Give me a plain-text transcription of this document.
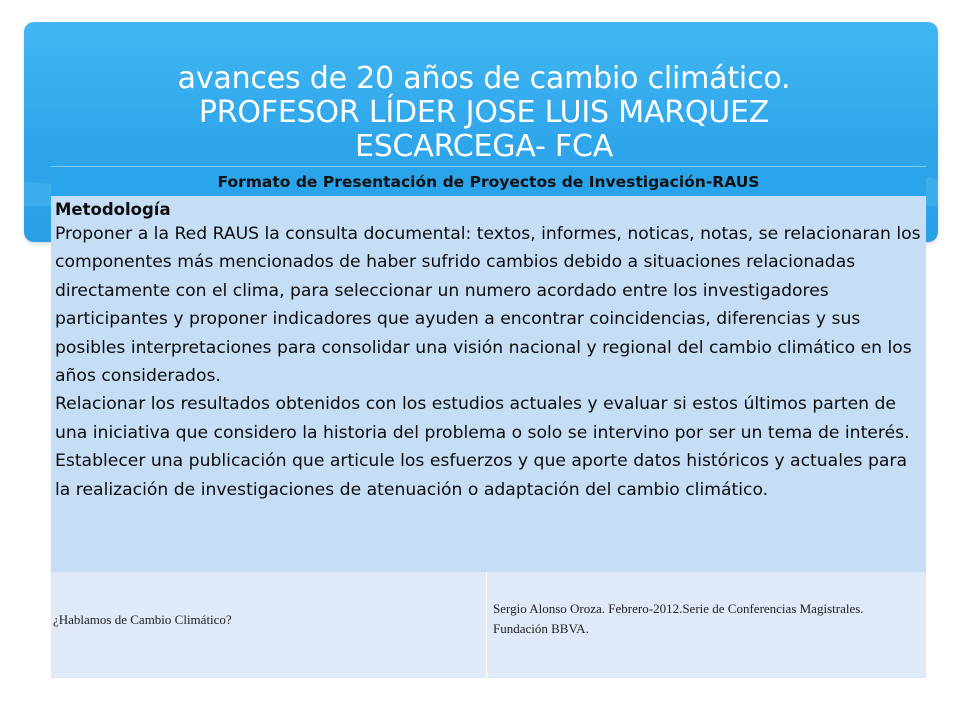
avances de 20 años de cambio climático.
PROFESOR LÍDER JOSE LUIS MARQUEZ
ESCARCEGA- FCA
Formato de Presentación de Proyectos de Investigación-RAUS
Metodología
Proponer a la Red RAUS la consulta documental: textos, informes, noticas, notas, se relacionaran los componentes más mencionados de haber sufrido cambios debido a situaciones relacionadas directamente con el clima, para seleccionar un numero acordado entre los investigadores participantes y proponer indicadores que ayuden a encontrar coincidencias, diferencias y sus posibles interpretaciones para consolidar una visión nacional y regional del cambio climático en los años considerados.
Relacionar los resultados obtenidos con los estudios actuales y evaluar si estos últimos parten de una iniciativa que considero la historia del problema o solo se intervino por ser un tema de interés. Establecer una publicación que articule los esfuerzos y que aporte datos históricos y actuales para la realización de investigaciones de atenuación o adaptación del cambio climático.
¿Hablamos de Cambio Climático?
Sergio Alonso Oroza. Febrero-2012.Serie de Conferencias Magistrales. Fundación BBVA.
